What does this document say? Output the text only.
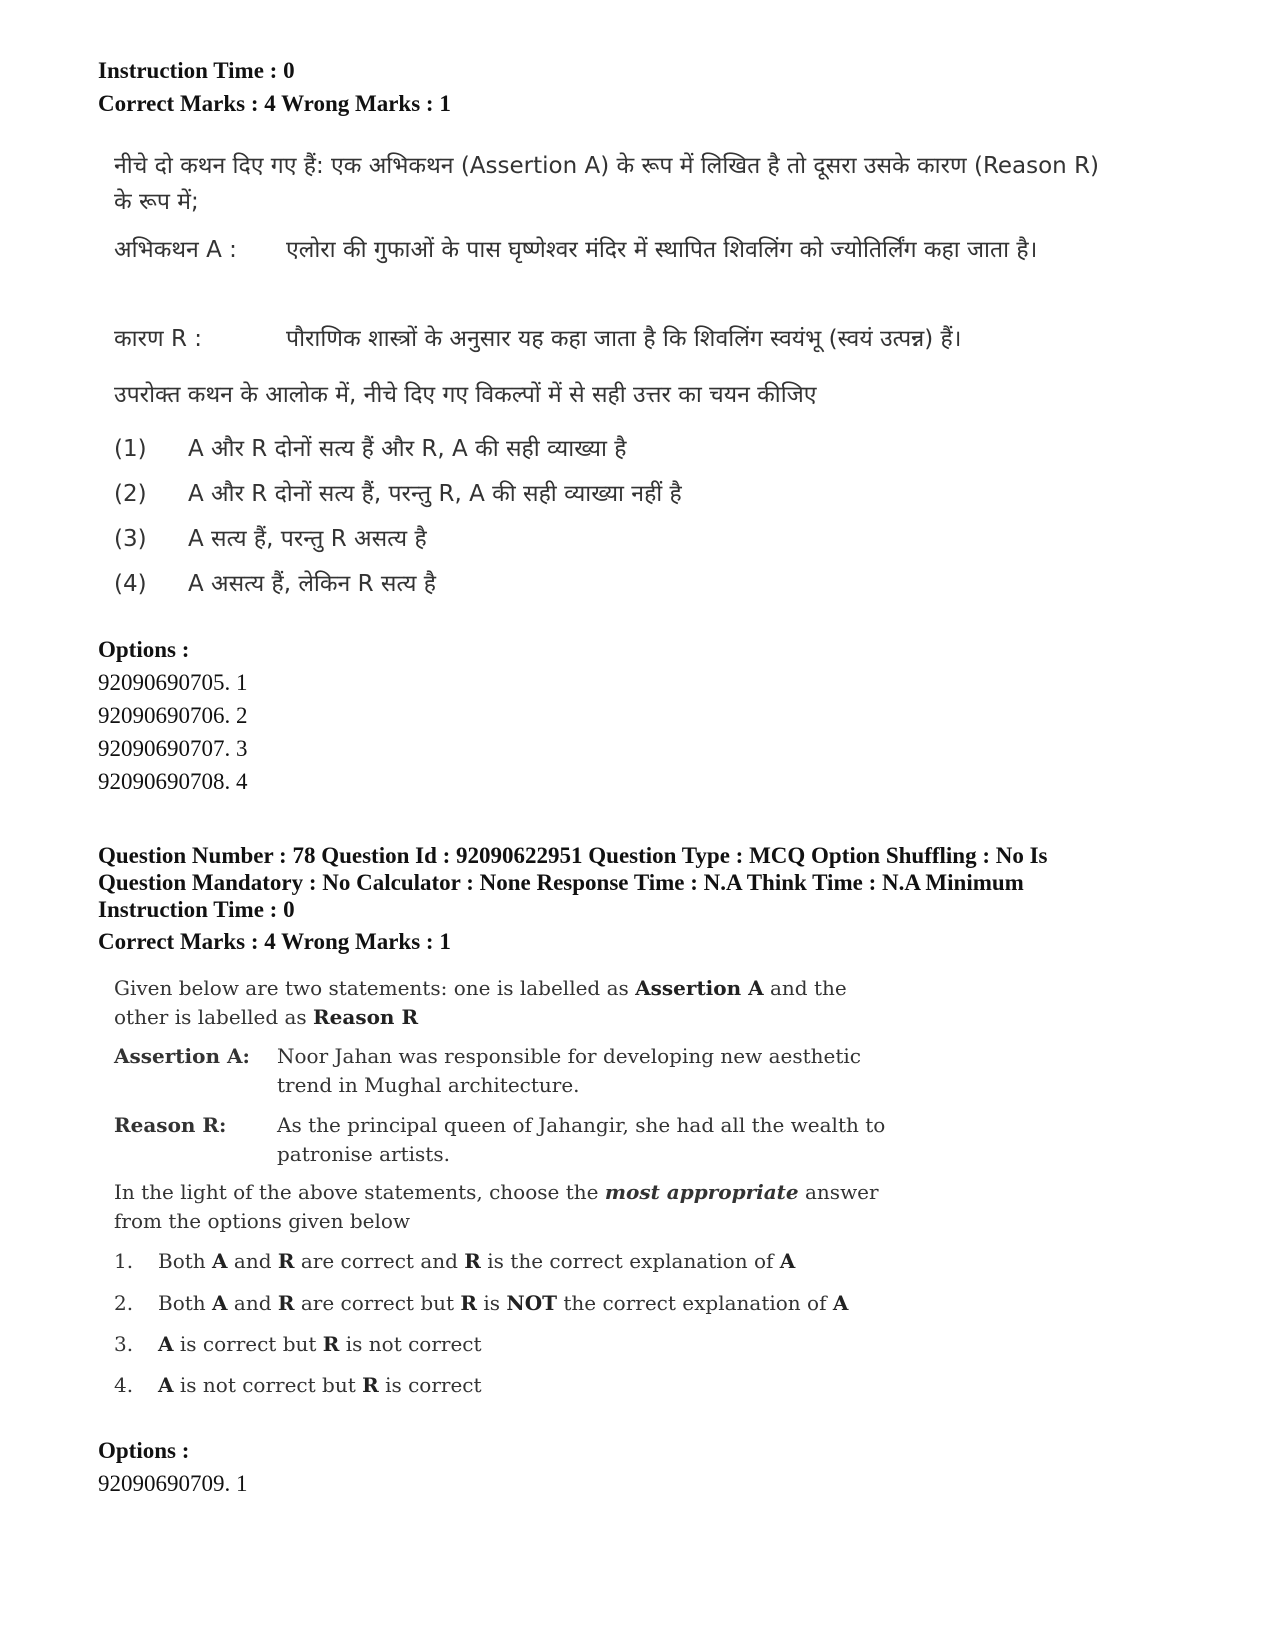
Instruction Time : 0
Correct Marks : 4 Wrong Marks : 1
नीचे दो कथन दिए गए हैं: एक अभिकथन (Assertion A) के रूप में लिखित है तो दूसरा उसके कारण (Reason R) के रूप में;
अभिकथन A :	एलोरा की गुफाओं के पास घृष्णेश्वर मंदिर में स्थापित शिवलिंग को ज्योतिर्लिंग कहा जाता है।
कारण R :	पौराणिक शास्त्रों के अनुसार यह कहा जाता है कि शिवलिंग स्वयंभू (स्वयं उत्पन्न) हैं।
उपरोक्त कथन के आलोक में, नीचे दिए गए विकल्पों में से सही उत्तर का चयन कीजिए
(1)	A और R दोनों सत्य हैं और R, A की सही व्याख्या है
(2)	A और R दोनों सत्य हैं, परन्तु R, A की सही व्याख्या नहीं है
(3)	A सत्य हैं, परन्तु R असत्य है
(4)	A असत्य हैं, लेकिन R सत्य है
Options :
92090690705. 1
92090690706. 2
92090690707. 3
92090690708. 4
Question Number : 78 Question Id : 92090622951 Question Type : MCQ Option Shuffling : No Is
Question Mandatory : No Calculator : None Response Time : N.A Think Time : N.A Minimum
Instruction Time : 0
Correct Marks : 4 Wrong Marks : 1
Given below are two statements: one is labelled as Assertion A and the
other is labelled as Reason R
Assertion A:	Noor Jahan was responsible for developing new aesthetic trend in Mughal architecture.
Reason R:	As the principal queen of Jahangir, she had all the wealth to patronise artists.
In the light of the above statements, choose the most appropriate answer
from the options given below
1.	Both A and R are correct and R is the correct explanation of A
2.	Both A and R are correct but R is NOT the correct explanation of A
3.	A is correct but R is not correct
4.	A is not correct but R is correct
Options :
92090690709. 1
